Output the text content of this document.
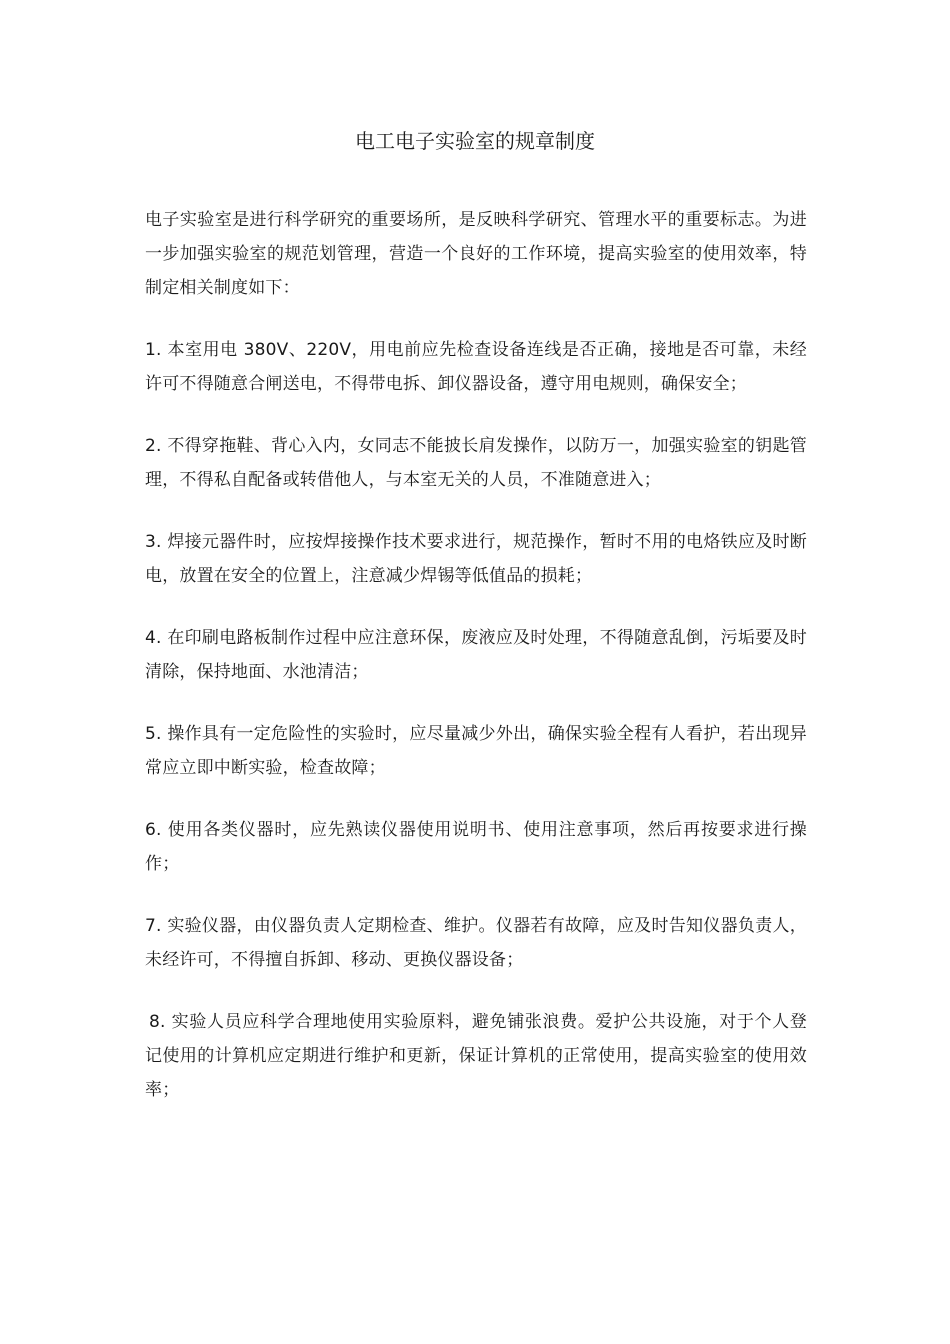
电工电子实验室的规章制度

电子实验室是进行科学研究的重要场所，是反映科学研究、管理水平的重要标志。为进一步加强实验室的规范划管理，营造一个良好的工作环境，提高实验室的使用效率，特制定相关制度如下：

1. 本室用电 380V、220V，用电前应先检查设备连线是否正确，接地是否可靠，未经许可不得随意合闸送电，不得带电拆、卸仪器设备，遵守用电规则，确保安全；

2. 不得穿拖鞋、背心入内，女同志不能披长肩发操作，以防万一，加强实验室的钥匙管理，不得私自配备或转借他人，与本室无关的人员，不准随意进入；

3. 焊接元器件时，应按焊接操作技术要求进行，规范操作，暂时不用的电烙铁应及时断电，放置在安全的位置上，注意减少焊锡等低值品的损耗；

4. 在印刷电路板制作过程中应注意环保，废液应及时处理，不得随意乱倒，污垢要及时清除，保持地面、水池清洁；

5. 操作具有一定危险性的实验时，应尽量减少外出，确保实验全程有人看护，若出现异常应立即中断实验，检查故障；

6. 使用各类仪器时，应先熟读仪器使用说明书、使用注意事项，然后再按要求进行操作；

7. 实验仪器，由仪器负责人定期检查、维护。仪器若有故障，应及时告知仪器负责人，未经许可，不得擅自拆卸、移动、更换仪器设备；

8. 实验人员应科学合理地使用实验原料，避免铺张浪费。爱护公共设施，对于个人登记使用的计算机应定期进行维护和更新，保证计算机的正常使用，提高实验室的使用效率；
